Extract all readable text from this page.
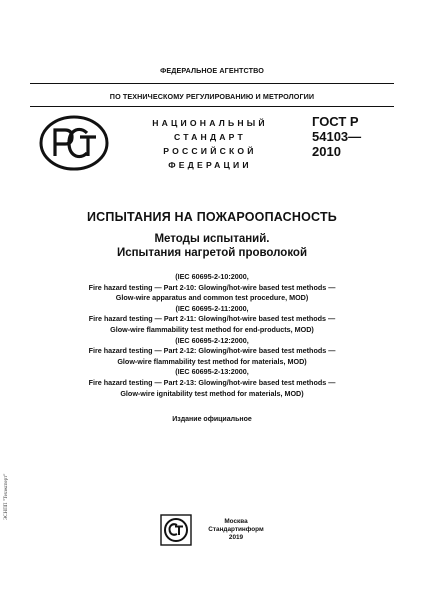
ФЕДЕРАЛЬНОЕ АГЕНТСТВО
ПО ТЕХНИЧЕСКОМУ РЕГУЛИРОВАНИЮ И МЕТРОЛОГИИ
НАЦИОНАЛЬНЫЙ
СТАНДАРТ
РОССИЙСКОЙ
ФЕДЕРАЦИИ
ГОСТ Р
54103—
2010
ИСПЫТАНИЯ НА ПОЖАРООПАСНОСТЬ
Методы испытаний.
Испытания нагретой проволокой
(IEC 60695-2-10:2000,
Fire hazard testing — Part 2-10: Glowing/hot-wire based test methods —
Glow-wire apparatus and common test procedure, MOD)
(IEC 60695-2-11:2000,
Fire hazard testing — Part 2-11: Glowing/hot-wire based test methods —
Glow-wire flammability test method for end-products, MOD)
(IEC 60695-2-12:2000,
Fire hazard testing — Part 2-12: Glowing/hot-wire based test methods —
Glow-wire flammability test method for materials, MOD)
(IEC 60695-2-13:2000,
Fire hazard testing — Part 2-13: Glowing/hot-wire based test methods —
Glow-wire ignitability test method for materials, MOD)
Издание официальное
Москва
Стандартинформ
2019
ЭСНПП "Техэксперт"
